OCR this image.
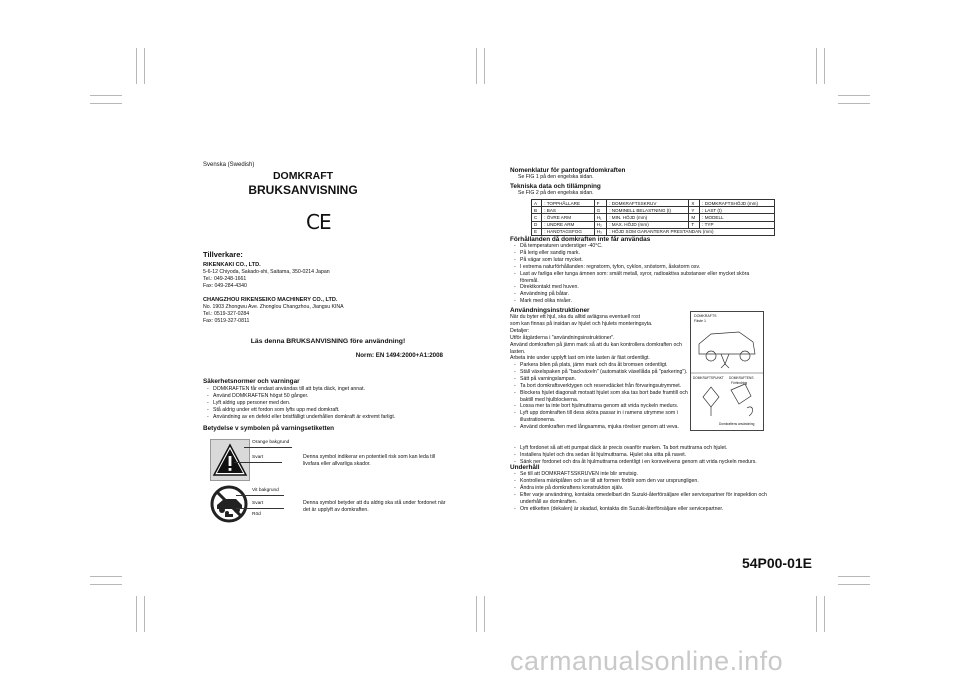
Svenska (Swedish)
DOMKRAFT
BRUKSANVISNING
CE
Tillverkare:
RIKENKAKI CO., LTD.
5-6-12 Chiyoda, Sakado-shi, Saitama, 350-0214 Japan
Tel.: 049-248-1661
Fax: 049-284-4340
CHANGZHOU RIKENSEIKO MACHINERY CO., LTD.
No. 1903 Zhongwu Ave. Zhonglou Changzhou, Jiangsu KINA
Tel.: 0519-327-0284
Fax: 0519-327-0811
Läs denna BRUKSANVISNING före användning!
Norm: EN 1494:2000+A1:2008
Säkerhetsnormer och varningar
- DOMKRAFTEN får endast användas till att byta däck, inget annat.
- Använd DOMKRAFTEN högst 50 gånger.
- Lyft aldrig upp personer med den.
- Stå aldrig under ett fordon som lyfts upp med domkraft.
- Användning av en defekt eller bristfälligt underhållen domkraft är extremt farligt.
Betydelse v symbolen på varningsetiketten
Orange bakgrund
Svart	Denna symbol indikerar en potentiell risk som kan leda till
livsfara eller allvarliga skador.
Vit bakgrund
Svart
Röd
Denna symbol betyder att du aldrig ska stå under fordonet när
det är upplyft av domkraften.
Nomenklatur för pantografdomkraften
Se FIG 1 på den engelska sidan.
Tekniska data och tillämpning
Se FIG 2 på den engelska sidan.
A	: TOPPHÅLLARE	F	: DOMKRAFTSSKRUV	X	: DOMKRAFTSHÖJD (mm)
B	: BAS	G	: NOMINELL BELASTNING (t)	Y	: LAST (t)
C	: ÖVRE ARM	H₁	: MIN. HÖJD (mm)	M	: MODELL
D	: UNDRE ARM	H₂	: MAX. HÖJD (mm)	T	: TYP
E	: HANDTAGSFOG	H₃	: HÖJD SOM GARANTERAR PRESTANDAN (mm)		
Förhållanden då domkraften inte får användas
- Då temperaturen understiger -40°C.
- På lerig eller sandig mark.
- På vägar som lutar mycket.
- I extrema naturförhållanden: regnstorm, tyfon, cyklon, snöstorm, åskstorm osv.
- Last av farliga eller tunga ämnen som: smält metall, syror, radioaktiva substanser eller mycket sköra föremål.
- Direktkontakt med huven.
- Användning på båtar.
- Mark med olika nivåer.
Användningsinstruktioner
När du byter ett hjul, ska du alltid avlägsna eventuell rost
som kan finnas på insidan av hjulet och hjulets monteringsyta.
Detaljer:
Utför åtgärderna i "användningsinstruktioner".
Använd domkraften på jämn mark så att du kan kontrollera domkraften och lasten.
Arbeta inte under upplyft last om inte lasten är fäst ordentligt.
- Parkera bilen på plats, jämn mark och dra åt bromsen ordentligt.
- Ställ växelspaken på "backväxeln" (automatisk växellåda på "parkering").
- Sätt på varningslampan.
- Ta bort domkraftsverktygen och reservdäcket från förvaringsutrymmet.
- Blockera hjulet diagonalt motsatt hjulet som ska tas bort bade framtill och baktill med hjulblockerna.
- Lossa mer ta inte bort hjulmuttrarna genom att vrida nyckeln medurs.
- Lyft upp domkraften till dess sköra passar in i ramens utrymme som i illustrationerna.
- Använd domkraften med långsamma, mjuka rörelser genom att veva.
- Lyft fordonet så att ett pumpat däck är precis ovanför marken. Ta bort muttrarna och hjulet.
- Installera hjulet och dra sedan åt hjulmuttrarna. Hjulet ska sitta på navet.
- Sänk ner fordonet och dra åt hjulmuttrarna ordentligt i en korsvekvens genom att vrida nyckeln medurs.
DOMKRAFTS
Fäste 1
DOMKRAFTSPUNKT DOMKRAFTENS
Förhindring
Domkraftens användning
Underhåll
- Se till att DOMKRAFTSSKRUVEN inte blir smutsig.
- Kontrollera märkplåten och se till att formen förblir som den var ursprungligen.
- Ändra inte på domkraftens konstruktion själv.
- Efter varje användning, kontakta omedelbart din Suzuki-återförsäljare eller servicepartner för inspektion och underhåll av domkraften.
- Om etiketten (dekalen) är skadad, kontakta din Suzuki-återförsäljare eller servicepartner.
54P00-01E
carmanualsonline.info
